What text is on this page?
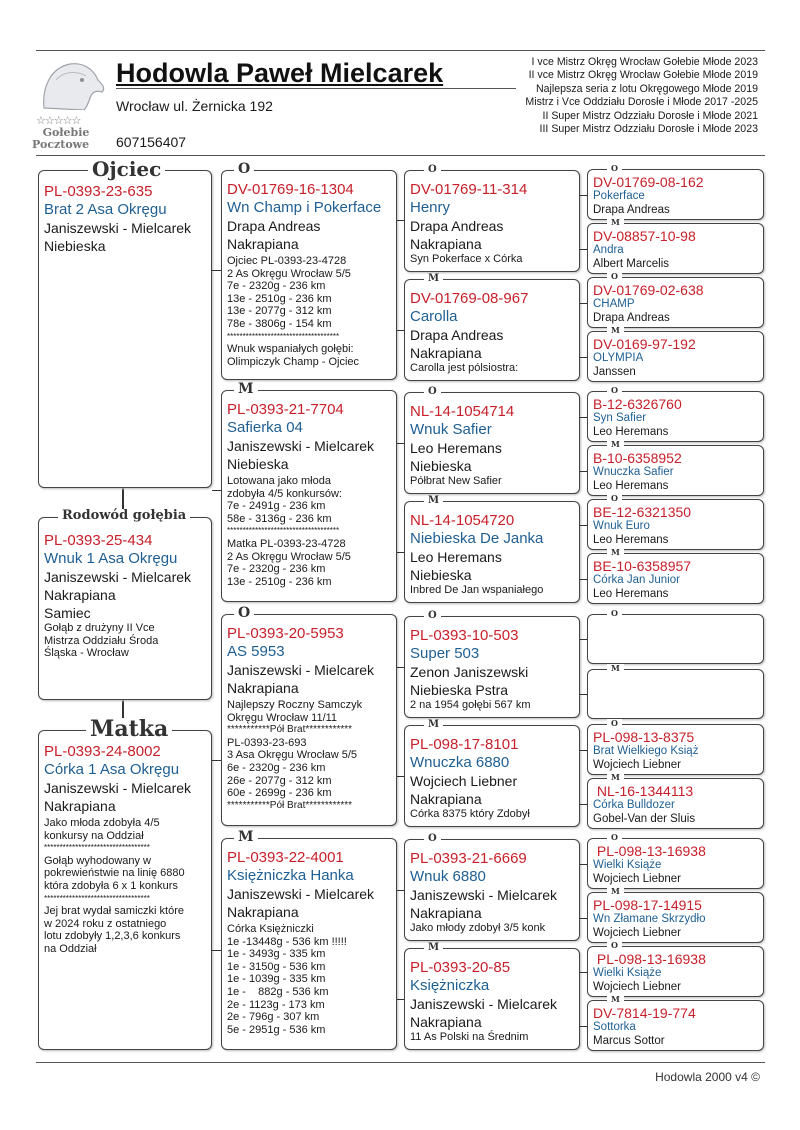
☆☆☆☆☆
Gołebie
Pocztowe
Hodowla Paweł Mielcarek
Wrocław ul. Żernicka 192
607156407
I vce Mistrz Okręg Wrocław Gołebie Młode 2023
II vce Mistrz Okręg Wrocław Gołebie Młode 2019
Najlepsza seria z lotu Okręgowego Młode 2019
Mistrz i Vce Oddziału Dorosłe i Młode 2017 -2025
II Super Mistrz Odzziału Dorosłe i Młode 2021
III Super Mistrz Odzziału Dorosłe i Młode 2023
PL-0393-23-635
Brat 2 Asa Okręgu
Janiszewski - Mielcarek
Niebieska
Ojciec
PL-0393-25-434
Wnuk 1 Asa Okręgu
Janiszewski - Mielcarek
Nakrapiana
Samiec
Gołąb z drużyny II Vce
Mistrza Oddziału Środa
Śląska - Wrocław
Rodowód gołębia
PL-0393-24-8002
Córka 1 Asa Okręgu
Janiszewski - Mielcarek
Nakrapiana
Jako młoda zdobyła 4/5
konkursy na Oddział
**********************************
Gołąb wyhodowany w
pokrewieństwie na linię 6880
która zdobyła 6 x 1 konkurs
**********************************
Jej brat wydał samiczki które
w 2024 roku z ostatniego
lotu zdobyły 1,2,3,6 konkurs
na Oddział
Matka
DV-01769-16-1304
Wn Champ i Pokerface
Drapa Andreas
Nakrapiana
Ojciec PL-0393-23-4728
2 As Okręgu Wrocław 5/5
7e - 2320g - 236 km
13e - 2510g - 236 km
13e - 2077g - 312 km
78e - 3806g - 154 km
************************************
Wnuk wspaniałych gołębi:
Olimpiczyk Champ - Ojciec
O
PL-0393-21-7704
Safierka 04
Janiszewski - Mielcarek
Niebieska
Lotowana jako młoda
zdobyła 4/5 konkursów:
7e - 2491g - 236 km
58e - 3136g - 236 km
************************************
Matka PL-0393-23-4728
2 As Okręgu Wrocław 5/5
7e - 2320g - 236 km
13e - 2510g - 236 km
M
PL-0393-20-5953
AS 5953
Janiszewski - Mielcarek
Nakrapiana
Najlepszy Roczny Samczyk
Okręgu Wrocław 11/11
***********Pół Brat************
PL-0393-23-693
3 Asa Okręgu Wrocław 5/5
6e - 2320g - 236 km
26e - 2077g - 312 km
60e - 2699g - 236 km
***********Pół Brat************
O
PL-0393-22-4001
Księżniczka Hanka
Janiszewski - Mielcarek
Nakrapiana
Córka Księżniczki
1e -13448g - 536 km !!!!!
1e - 3493g - 335 km
1e - 3150g - 536 km
1e - 1039g - 335 km
1e -    882g - 536 km
2e - 1123g - 173 km
2e - 796g - 307 km
5e - 2951g - 536 km
M
DV-01769-11-314
Henry
Drapa Andreas
Nakrapiana
Syn Pokerface x Córka
O
DV-01769-08-967
Carolla
Drapa Andreas
Nakrapiana
Carolla jest pólsiostra:
M
NL-14-1054714
Wnuk Safier
Leo Heremans
Niebieska
Półbrat New Safier
O
NL-14-1054720
Niebieska De Janka
Leo Heremans
Niebieska
Inbred De Jan wspaniałego
M
PL-0393-10-503
Super 503
Zenon Janiszewski
Niebieska Pstra
2 na 1954 gołębi 567 km
O
PL-098-17-8101
Wnuczka 6880
Wojciech Liebner
Nakrapiana
Córka 8375 który Zdobył
M
PL-0393-21-6669
Wnuk 6880
Janiszewski - Mielcarek
Nakrapiana
Jako młody zdobył 3/5 konk
O
PL-0393-20-85
Księżniczka
Janiszewski - Mielcarek
Nakrapiana
11 As Polski na Średnim
M
DV-01769-08-162
Pokerface
Drapa Andreas
O
DV-08857-10-98
Andra
Albert Marcelis
M
DV-01769-02-638
CHAMP
Drapa Andreas
O
DV-0169-97-192
OLYMPIA
Janssen
M
B-12-6326760
Syn Safier
Leo Heremans
O
B-10-6358952
Wnuczka Safier
Leo Heremans
M
BE-12-6321350
Wnuk Euro
Leo Heremans
O
BE-10-6358957
Córka Jan Junior
Leo Heremans
M
O
M
PL-098-13-8375
Brat Wielkiego Książ
Wojciech Liebner
O
NL-16-1344113
Córka Bulldozer
Gobel-Van der Sluis
M
PL-098-13-16938
Wielki Książe
Wojciech Liebner
O
PL-098-17-14915
Wn Złamane Skrzydło
Wojciech Liebner
M
PL-098-13-16938
Wielki Książe
Wojciech Liebner
O
DV-7814-19-774
Sottorka
Marcus Sottor
M
Hodowla 2000 v4 ©
